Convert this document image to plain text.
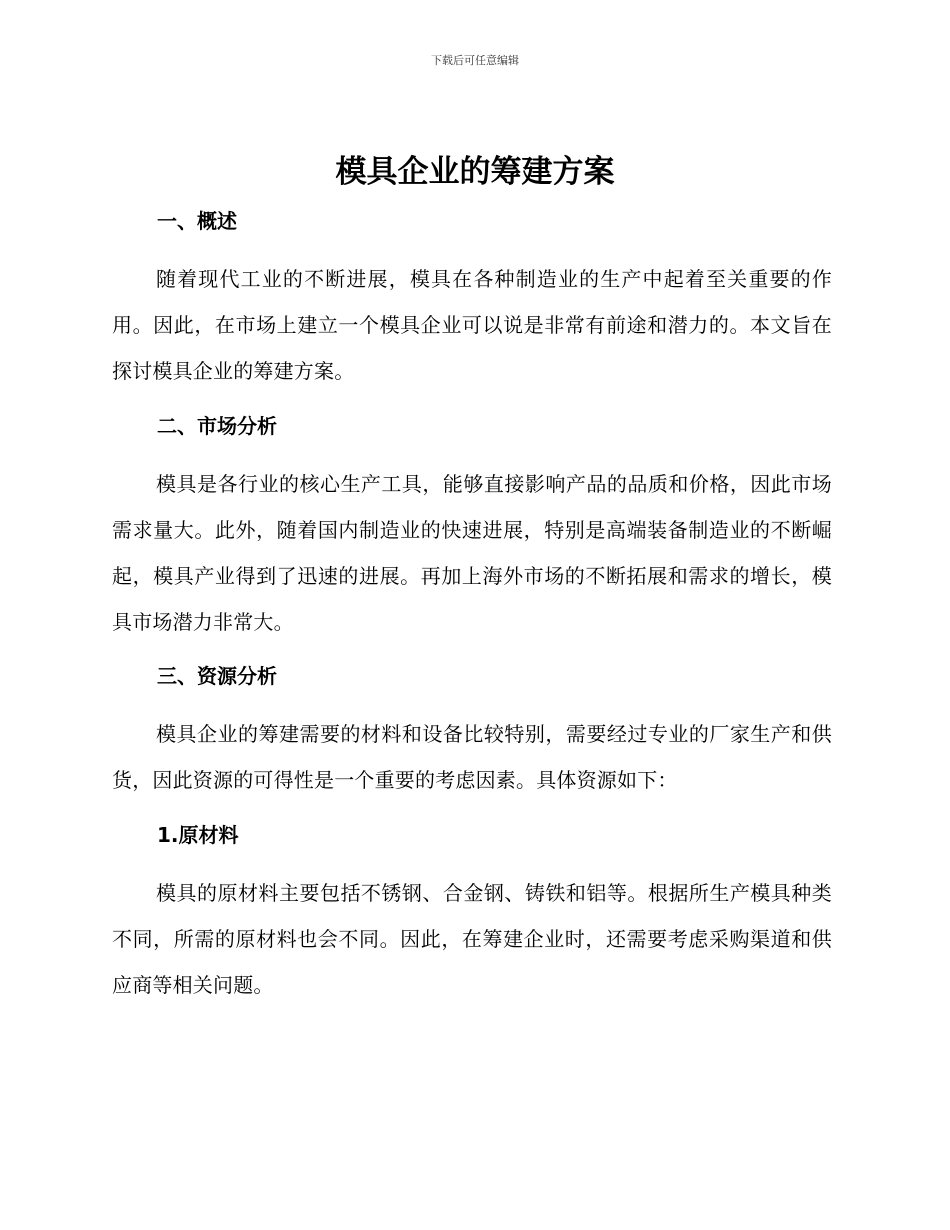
下载后可任意编辑
模具企业的筹建方案
一、概述

随着现代工业的不断进展，模具在各种制造业的生产中起着至关重要的作用。因此，在市场上建立一个模具企业可以说是非常有前途和潜力的。本文旨在探讨模具企业的筹建方案。

二、市场分析

模具是各行业的核心生产工具，能够直接影响产品的品质和价格，因此市场需求量大。此外，随着国内制造业的快速进展，特别是高端装备制造业的不断崛起，模具产业得到了迅速的进展。再加上海外市场的不断拓展和需求的增长，模具市场潜力非常大。

三、资源分析

模具企业的筹建需要的材料和设备比较特别，需要经过专业的厂家生产和供货，因此资源的可得性是一个重要的考虑因素。具体资源如下：

1.原材料

模具的原材料主要包括不锈钢、合金钢、铸铁和铝等。根据所生产模具种类不同，所需的原材料也会不同。因此，在筹建企业时，还需要考虑采购渠道和供应商等相关问题。
